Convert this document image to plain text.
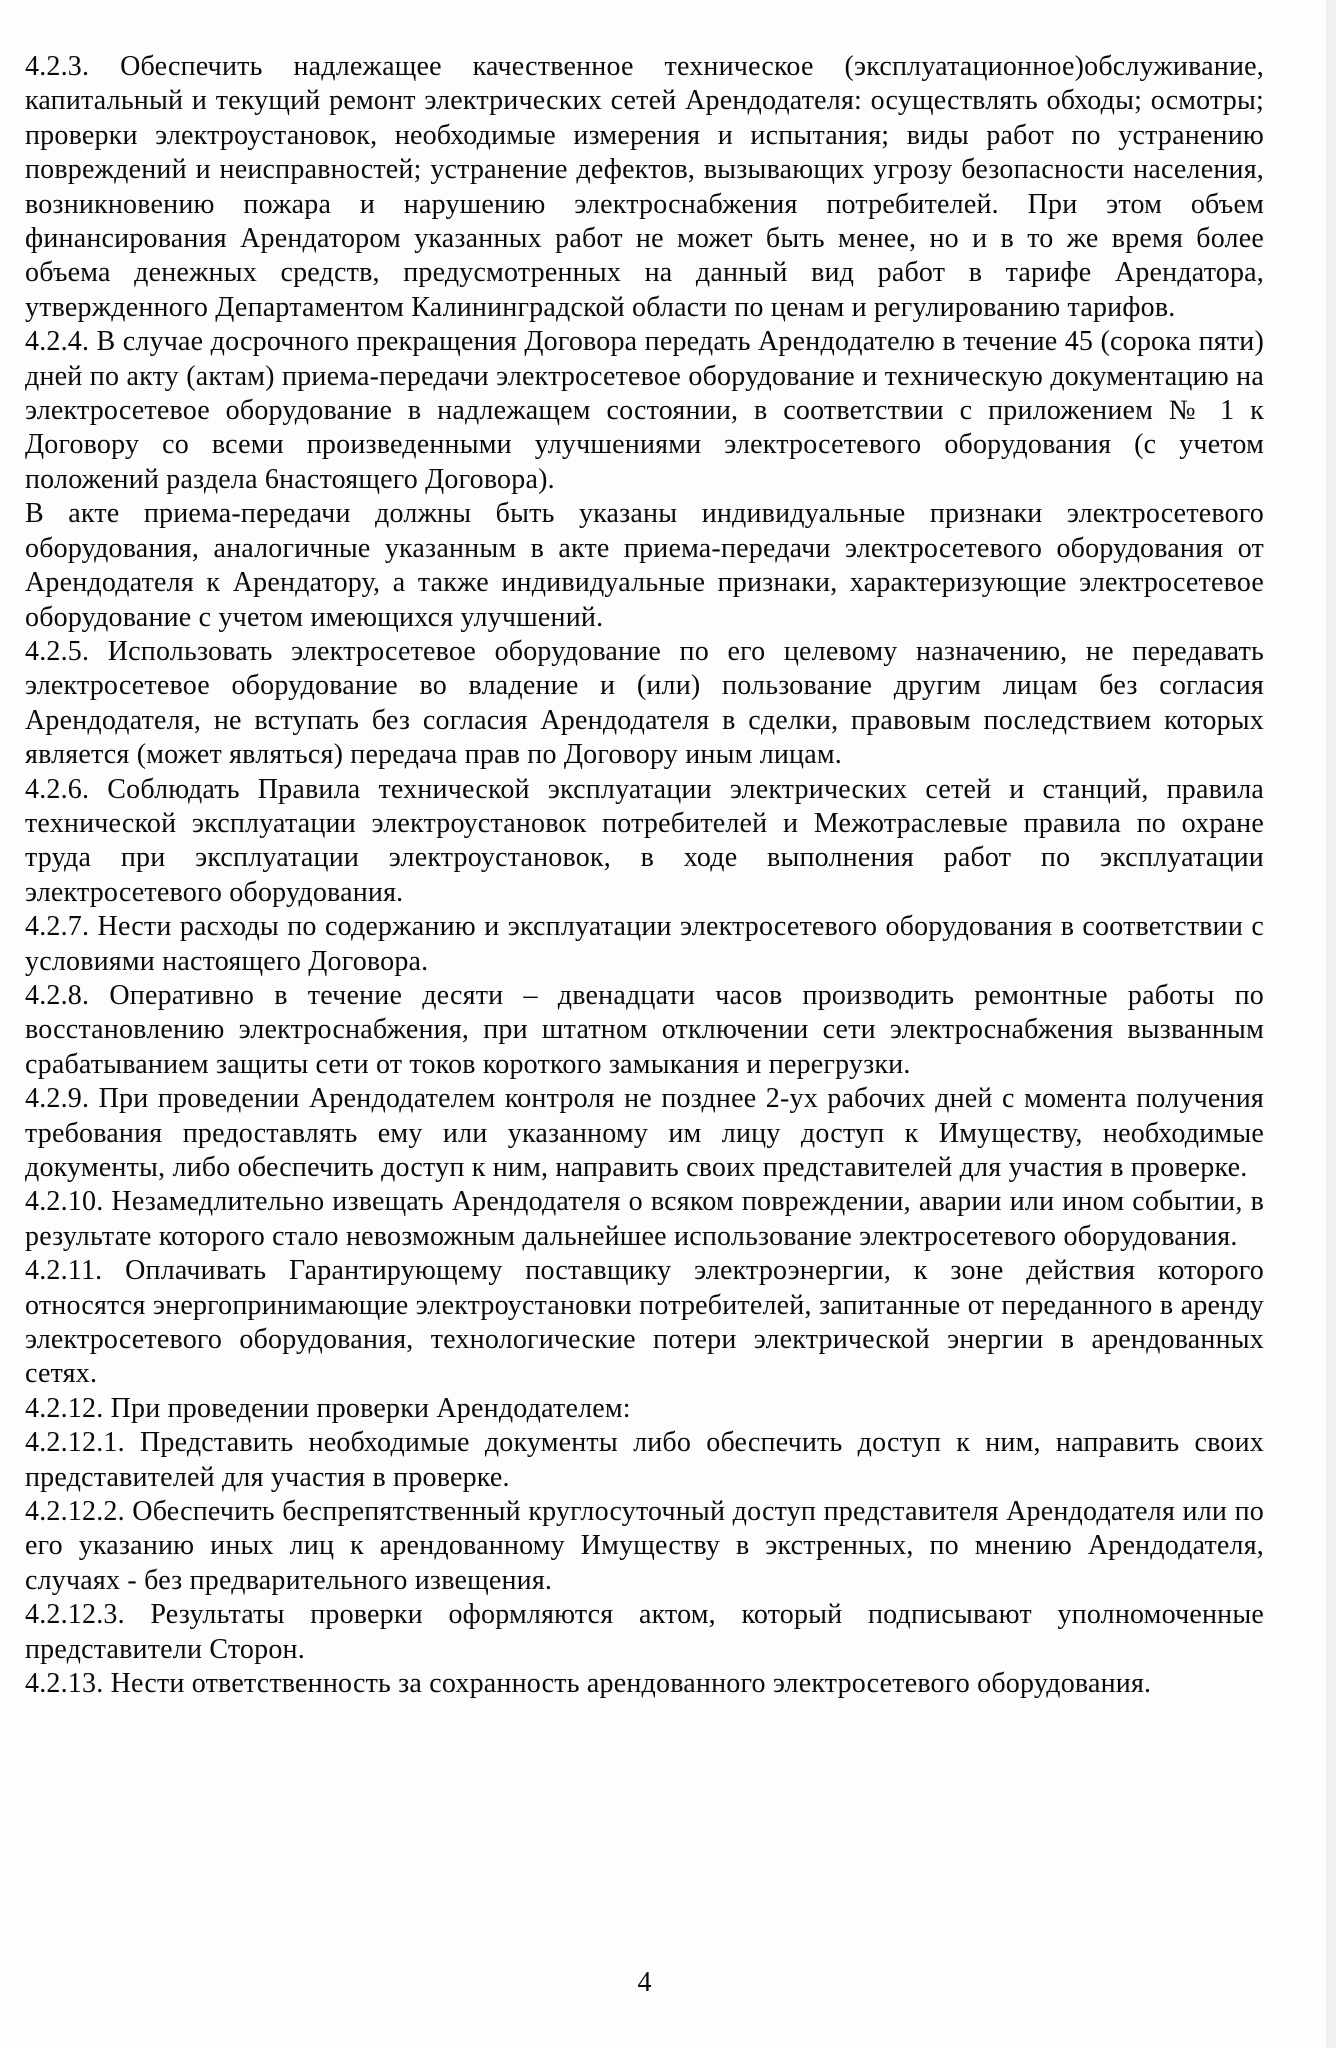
4.2.3. Обеспечить надлежащее качественное техническое (эксплуатационное)обслуживание, капитальный и текущий ремонт электрических сетей Арендодателя: осуществлять обходы; осмотры; проверки электроустановок, необходимые измерения и испытания; виды работ по устранению повреждений и неисправностей; устранение дефектов, вызывающих угрозу безопасности населения, возникновению пожара и нарушению электроснабжения потребителей. При этом объем финансирования Арендатором указанных работ не может быть менее, но и в то же время более объема денежных средств, предусмотренных на данный вид работ в тарифе Арендатора, утвержденного Департаментом Калининградской области по ценам и регулированию тарифов.

4.2.4. В случае досрочного прекращения Договора передать Арендодателю в течение 45 (сорока пяти) дней по акту (актам) приема-передачи электросетевое оборудование и техническую документацию на электросетевое оборудование в надлежащем состоянии, в соответствии с приложением № 1 к Договору со всеми произведенными улучшениями электросетевого оборудования (с учетом положений раздела 6настоящего Договора).

В акте приема-передачи должны быть указаны индивидуальные признаки электросетевого оборудования, аналогичные указанным в акте приема-передачи электросетевого оборудования от Арендодателя к Арендатору, а также индивидуальные признаки, характеризующие электросетевое оборудование с учетом имеющихся улучшений.

4.2.5. Использовать электросетевое оборудование по его целевому назначению, не передавать электросетевое оборудование во владение и (или) пользование другим лицам без согласия Арендодателя, не вступать без согласия Арендодателя в сделки, правовым последствием которых является (может являться) передача прав по Договору иным лицам.

4.2.6. Соблюдать Правила технической эксплуатации электрических сетей и станций, правила технической эксплуатации электроустановок потребителей и Межотраслевые правила по охране труда при эксплуатации электроустановок, в ходе выполнения работ по эксплуатации электросетевого оборудования.

4.2.7. Нести расходы по содержанию и эксплуатации электросетевого оборудования в соответствии с условиями настоящего Договора.

4.2.8. Оперативно в течение десяти – двенадцати часов производить ремонтные работы по восстановлению электроснабжения, при штатном отключении сети электроснабжения вызванным срабатыванием защиты сети от токов короткого замыкания и перегрузки.

4.2.9. При проведении Арендодателем контроля не позднее 2-ух рабочих дней с момента получения требования предоставлять ему или указанному им лицу доступ к Имуществу, необходимые документы, либо обеспечить доступ к ним, направить своих представителей для участия в проверке.

4.2.10. Незамедлительно извещать Арендодателя о всяком повреждении, аварии или ином событии, в результате которого стало невозможным дальнейшее использование электросетевого оборудования.

4.2.11. Оплачивать Гарантирующему поставщику электроэнергии, к зоне действия которого относятся энергопринимающие электроустановки потребителей, запитанные от переданного в аренду электросетевого оборудования, технологические потери электрической энергии в арендованных сетях.

4.2.12. При проведении проверки Арендодателем:

4.2.12.1. Представить необходимые документы либо обеспечить доступ к ним, направить своих представителей для участия в проверке.

4.2.12.2. Обеспечить беспрепятственный круглосуточный доступ представителя Арендодателя или по его указанию иных лиц к арендованному Имуществу в экстренных, по мнению Арендодателя, случаях - без предварительного извещения.

4.2.12.3. Результаты проверки оформляются актом, который подписывают уполномоченные представители Сторон.

4.2.13. Нести ответственность за сохранность арендованного электросетевого оборудования.

4
